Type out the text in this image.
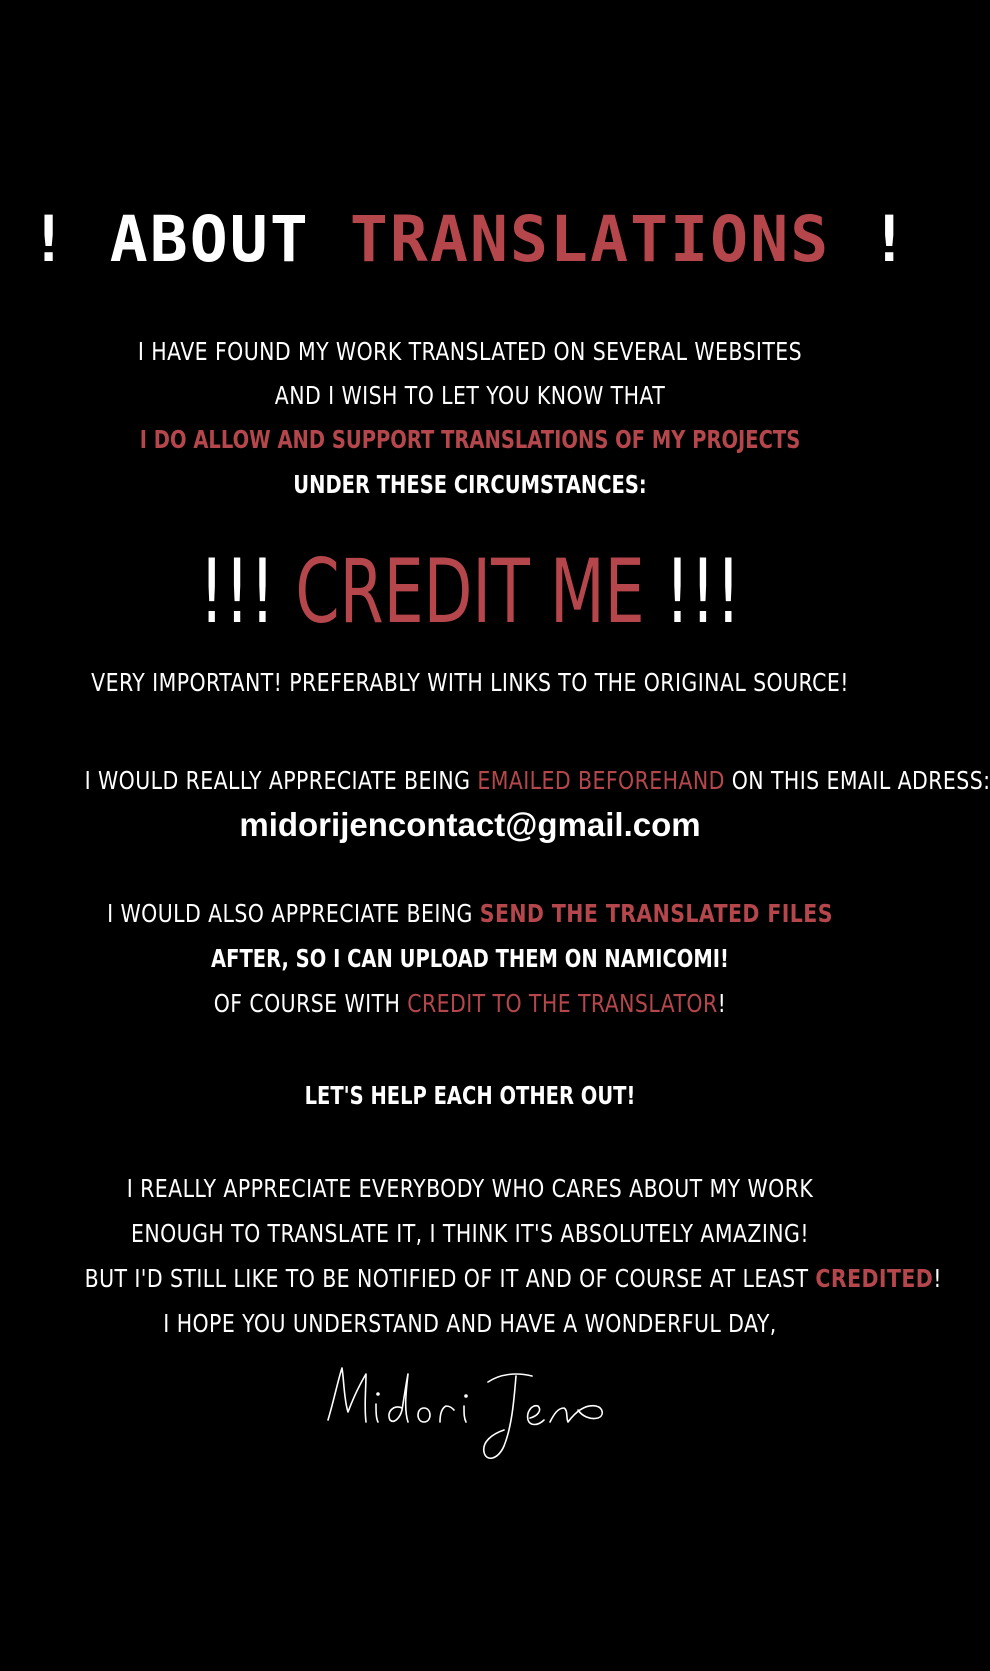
! ABOUT TRANSLATIONS !
I HAVE FOUND MY WORK TRANSLATED ON SEVERAL WEBSITES
AND I WISH TO LET YOU KNOW THAT
I DO ALLOW AND SUPPORT TRANSLATIONS OF MY PROJECTS
UNDER THESE CIRCUMSTANCES:
!!! CREDIT ME !!!
VERY IMPORTANT! PREFERABLY WITH LINKS TO THE ORIGINAL SOURCE!
I WOULD REALLY APPRECIATE BEING EMAILED BEFOREHAND ON THIS EMAIL ADRESS:
midorijencontact@gmail.com
I WOULD ALSO APPRECIATE BEING SEND THE TRANSLATED FILES
AFTER, SO I CAN UPLOAD THEM ON NAMICOMI!
OF COURSE WITH CREDIT TO THE TRANSLATOR!
LET'S HELP EACH OTHER OUT!
I REALLY APPRECIATE EVERYBODY WHO CARES ABOUT MY WORK
ENOUGH TO TRANSLATE IT, I THINK IT'S ABSOLUTELY AMAZING!
BUT I'D STILL LIKE TO BE NOTIFIED OF IT AND OF COURSE AT LEAST CREDITED!
I HOPE YOU UNDERSTAND AND HAVE A WONDERFUL DAY,
